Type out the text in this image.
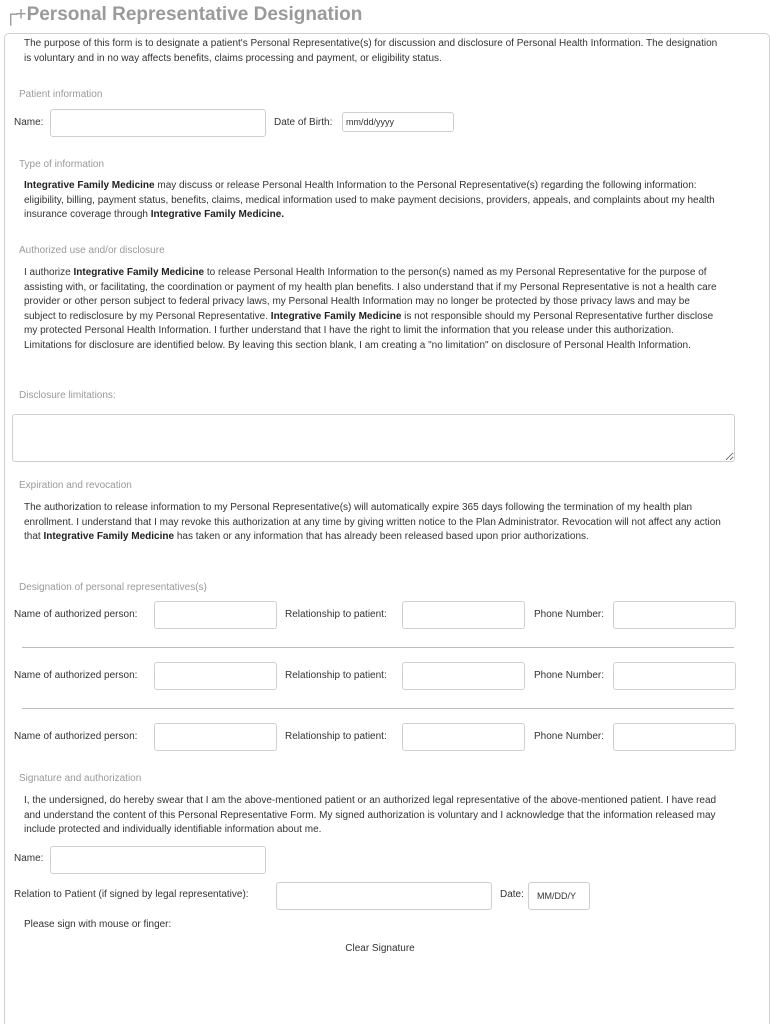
┌+ Personal Representative Designation
The purpose of this form is to designate a patient's Personal Representative(s) for discussion and disclosure of Personal Health Information. The designation is voluntary and in no way affects benefits, claims processing and payment, or eligibility status.
Patient information
Name:	Date of Birth:
mm/dd/yyyy
Type of information
Integrative Family Medicine may discuss or release Personal Health Information to the Personal Representative(s) regarding the following information: eligibility, billing, payment status, benefits, claims, medical information used to make payment decisions, providers, appeals, and complaints about my health insurance coverage through Integrative Family Medicine.
Authorized use and/or disclosure
I authorize Integrative Family Medicine to release Personal Health Information to the person(s) named as my Personal Representative for the purpose of assisting with, or facilitating, the coordination or payment of my health plan benefits. I also understand that if my Personal Representative is not a health care provider or other person subject to federal privacy laws, my Personal Health Information may no longer be protected by those privacy laws and may be subject to redisclosure by my Personal Representative. Integrative Family Medicine is not responsible should my Personal Representative further disclose my protected Personal Health Information. I further understand that I have the right to limit the information that you release under this authorization. Limitations for disclosure are identified below. By leaving this section blank, I am creating a "no limitation" on disclosure of Personal Health Information.
Disclosure limitations:
Expiration and revocation
The authorization to release information to my Personal Representative(s) will automatically expire 365 days following the termination of my health plan enrollment. I understand that I may revoke this authorization at any time by giving written notice to the Plan Administrator. Revocation will not affect any action that Integrative Family Medicine has taken or any information that has already been released based upon prior authorizations.
Designation of personal representatives(s)
Name of authorized person:	Relationship to patient:	Phone Number:
Name of authorized person:	Relationship to patient:	Phone Number:
Name of authorized person:	Relationship to patient:	Phone Number:
Signature and authorization
I, the undersigned, do hereby swear that I am the above-mentioned patient or an authorized legal representative of the above-mentioned patient. I have read and understand the content of this Personal Representative Form. My signed authorization is voluntary and I acknowledge that the information released may include protected and individually identifiable information about me.
Name:
Relation to Patient (if signed by legal representative):	Date:
MM/DD/Y
Please sign with mouse or finger:
Clear Signature
